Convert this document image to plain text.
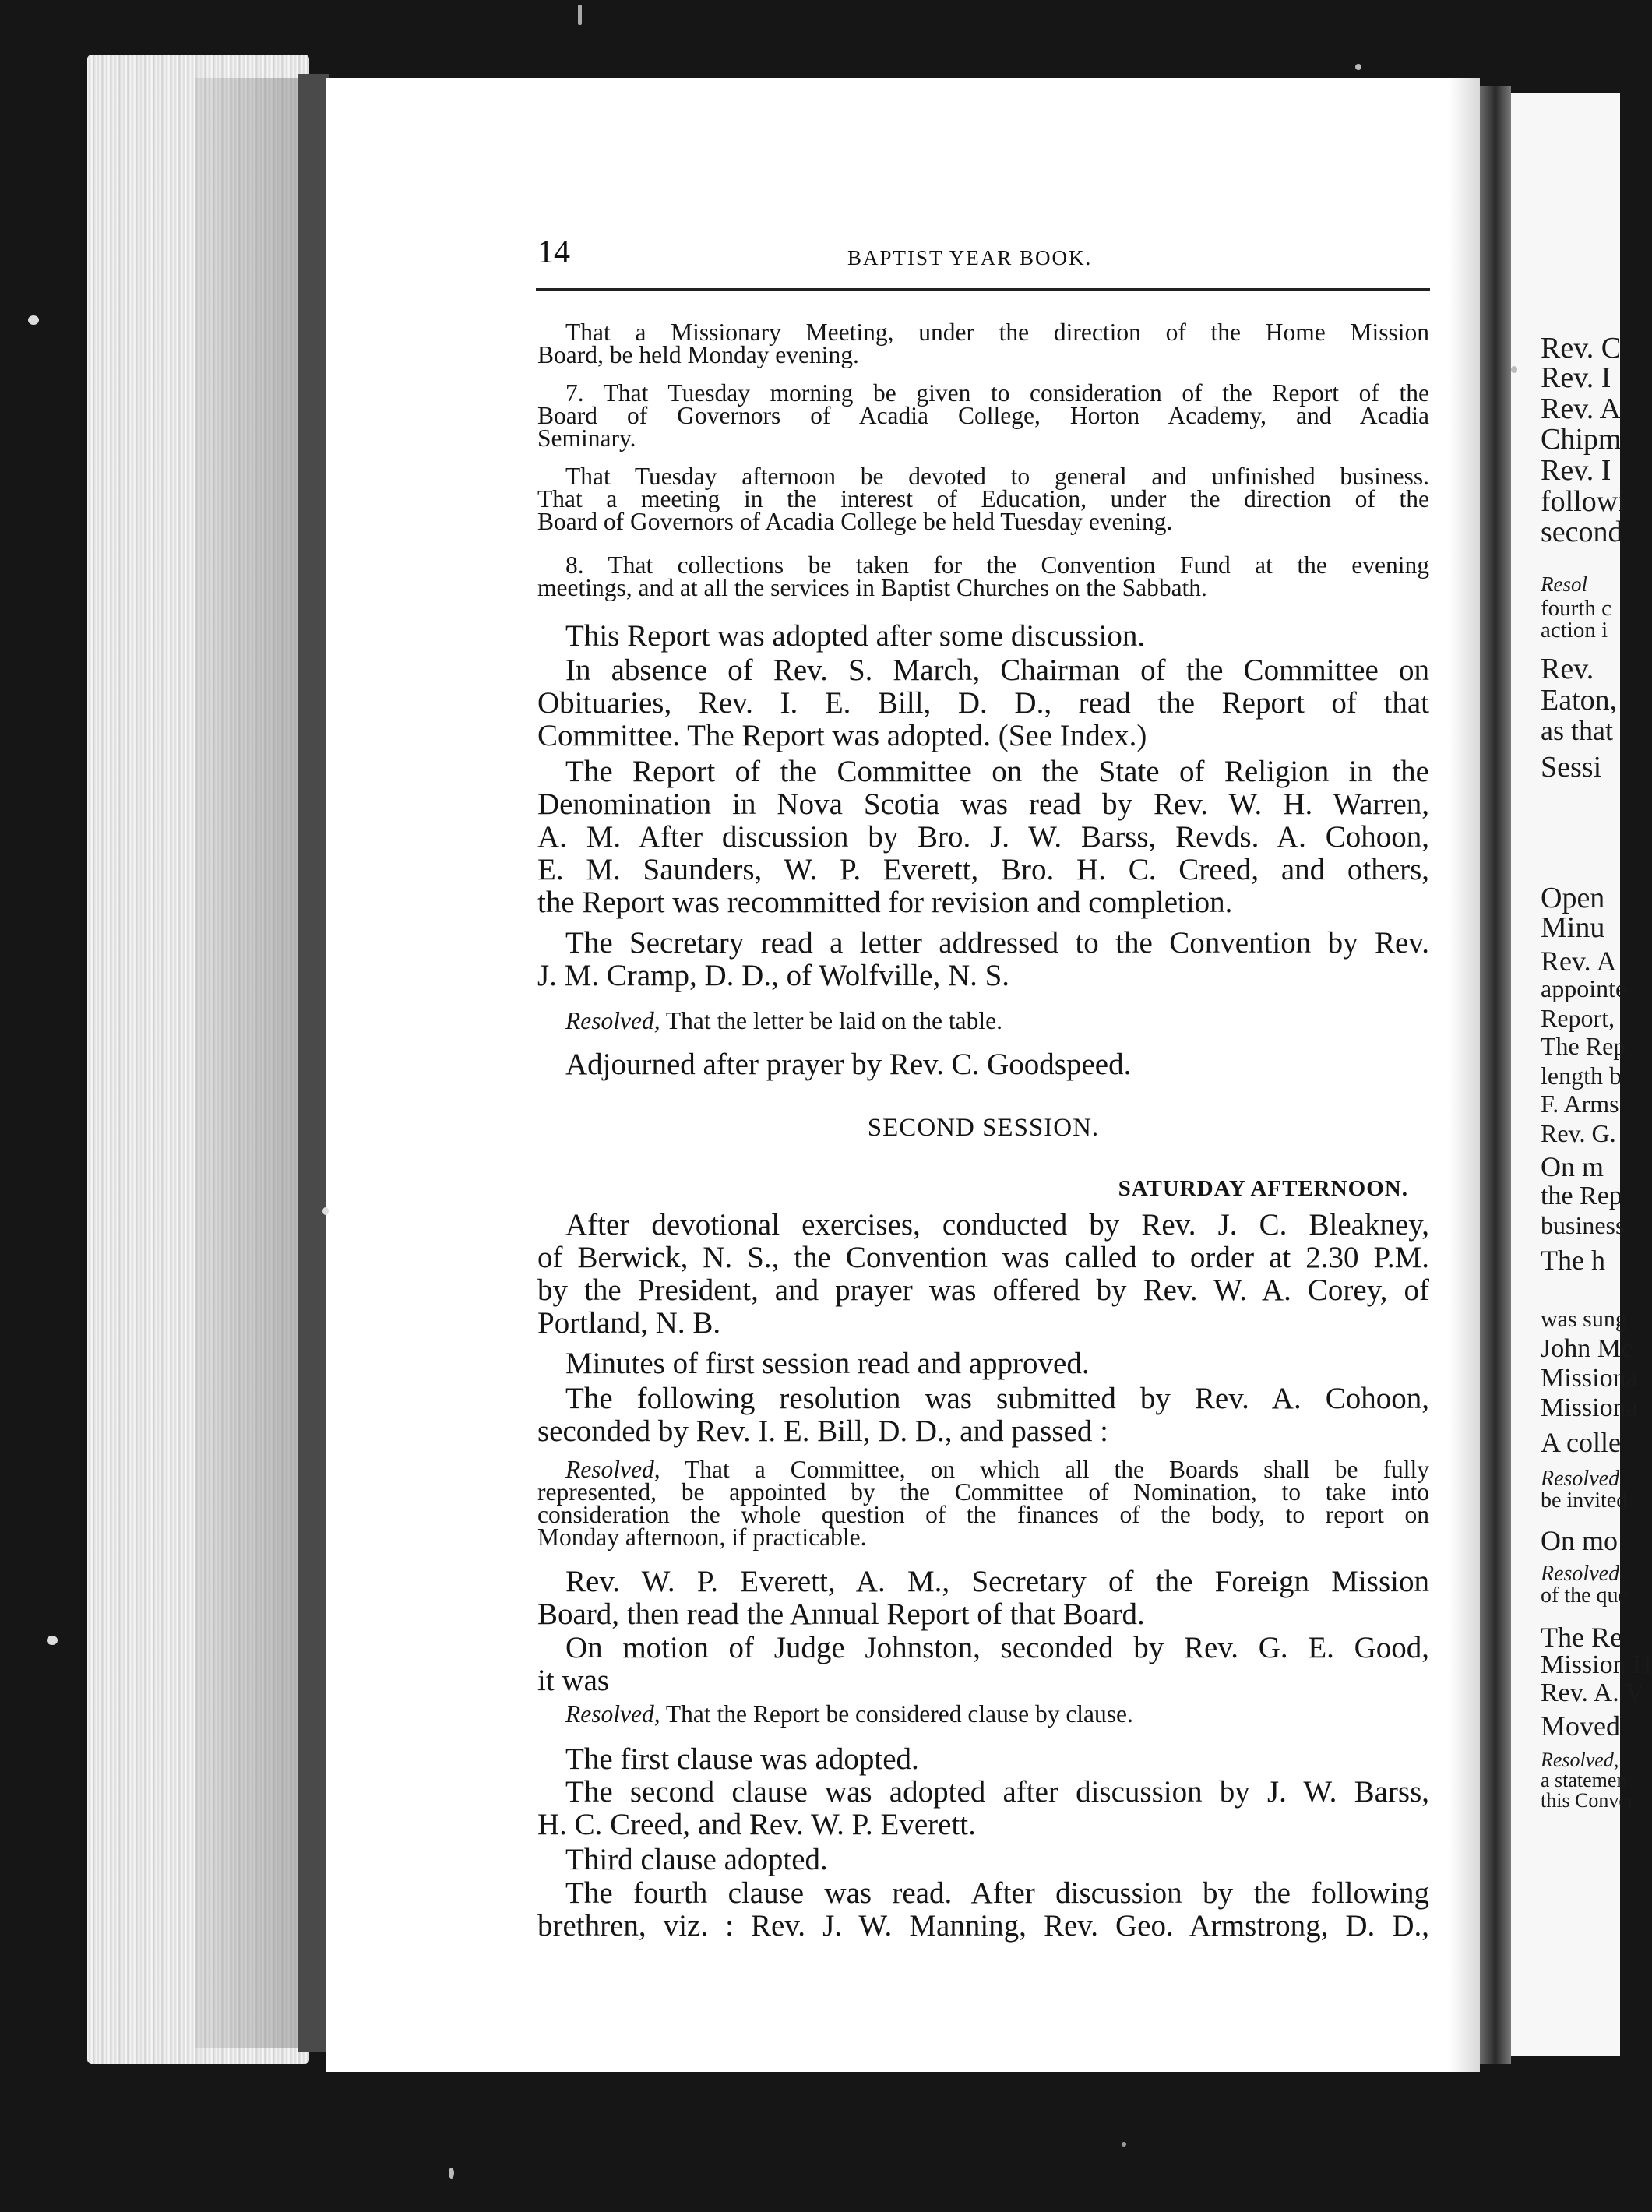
14	BAPTIST YEAR BOOK.
That a Missionary Meeting, under the direction of the Home Mission
Board, be held Monday evening.
7. That Tuesday morning be given to consideration of the Report of the
Board of Governors of Acadia College, Horton Academy, and Acadia
Seminary.
That Tuesday afternoon be devoted to general and unfinished business.
That a meeting in the interest of Education, under the direction of the
Board of Governors of Acadia College be held Tuesday evening.
8. That collections be taken for the Convention Fund at the evening
meetings, and at all the services in Baptist Churches on the Sabbath.
This Report was adopted after some discussion.
In absence of Rev. S. March, Chairman of the Committee on
Obituaries, Rev. I. E. Bill, D. D., read the Report of that
Committee. The Report was adopted. (See Index.)
The Report of the Committee on the State of Religion in the
Denomination in Nova Scotia was read by Rev. W. H. Warren,
A. M. After discussion by Bro. J. W. Barss, Revds. A. Cohoon,
E. M. Saunders, W. P. Everett, Bro. H. C. Creed, and others,
the Report was recommitted for revision and completion.
The Secretary read a letter addressed to the Convention by Rev.
J. M. Cramp, D. D., of Wolfville, N. S.
Resolved, That the letter be laid on the table.
Adjourned after prayer by Rev. C. Goodspeed.
SECOND SESSION.
SATURDAY AFTERNOON.
After devotional exercises, conducted by Rev. J. C. Bleakney,
of Berwick, N. S., the Convention was called to order at 2.30 P.M.
by the President, and prayer was offered by Rev. W. A. Corey, of
Portland, N. B.
Minutes of first session read and approved.
The following resolution was submitted by Rev. A. Cohoon,
seconded by Rev. I. E. Bill, D. D., and passed :
Resolved, That a Committee, on which all the Boards shall be fully
represented, be appointed by the Committee of Nomination, to take into
consideration the whole question of the finances of the body, to report on
Monday afternoon, if practicable.
Rev. W. P. Everett, A. M., Secretary of the Foreign Mission
Board, then read the Annual Report of that Board.
On motion of Judge Johnston, seconded by Rev. G. E. Good,
it was
Resolved, That the Report be considered clause by clause.
The first clause was adopted.
The second clause was adopted after discussion by J. W. Barss,
H. C. Creed, and Rev. W. P. Everett.
Third clause adopted.
The fourth clause was read. After discussion by the following
brethren, viz. : Rev. J. W. Manning, Rev. Geo. Armstrong, D. D.,
Rev. C
Rev. I
Rev. A
Chipm
Rev. I
followi
second
Resol
fourth c
action i
Rev.
Eaton,
as that
Sessi
Open
Minu
Rev. A
appointe
Report,
The Rep
length b
F. Arms
Rev. G.
On m
the Rep
business
The h
was sung
John Mc
Missiona
Missiona
A colle
Resolved
be invited
On mo
Resolved
of the que
The Re
Mission H
Rev. A. V
Moved
Resolved,
a statement
this Conver
